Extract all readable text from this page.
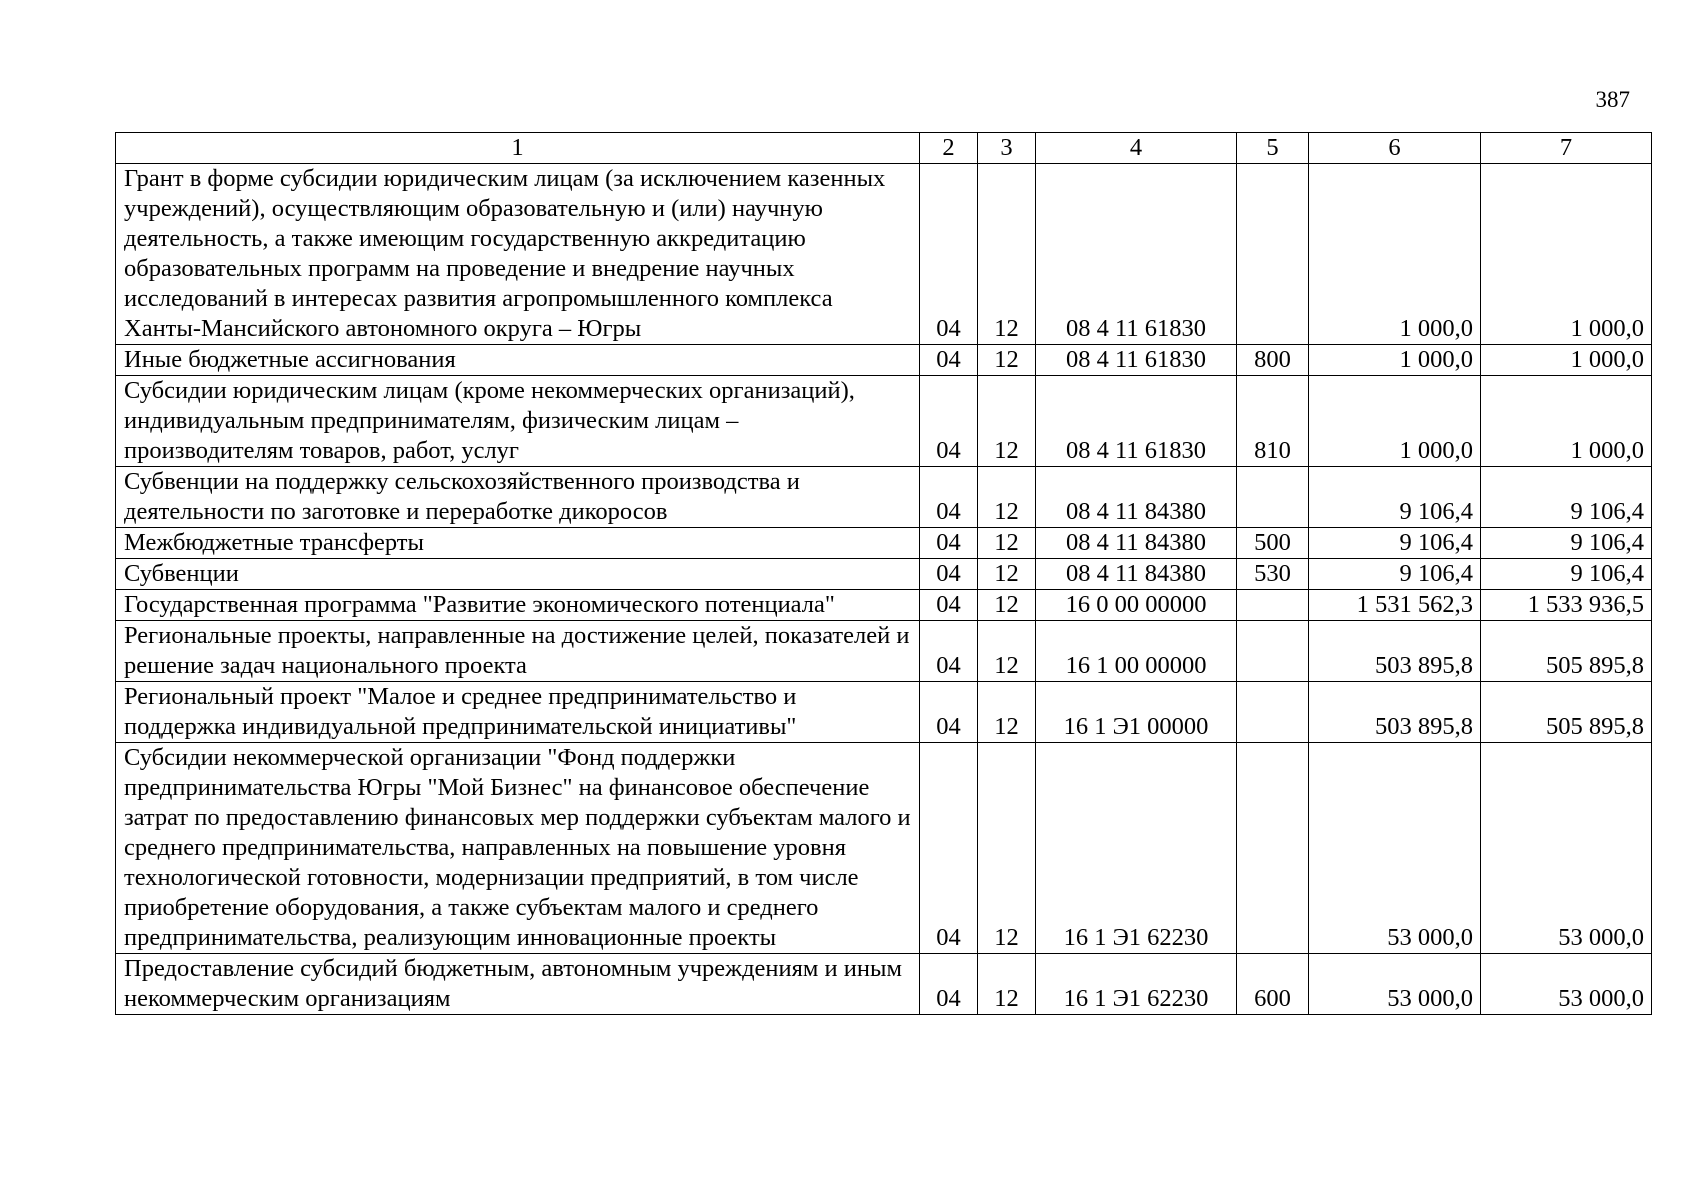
387
1	2	3	4	5	6	7
Грант в форме субсидии юридическим лицам (за исключением казенных учреждений), осуществляющим образовательную и (или) научную деятельность, а также имеющим государственную аккредитацию образовательных программ на проведение и внедрение научных исследований в интересах развития агропромышленного комплекса Ханты-Мансийского автономного округа – Югры	04	12	08 4 11 61830		1 000,0	1 000,0
Иные бюджетные ассигнования	04	12	08 4 11 61830	800	1 000,0	1 000,0
Субсидии юридическим лицам (кроме некоммерческих организаций), индивидуальным предпринимателям, физическим лицам – производителям товаров, работ, услуг	04	12	08 4 11 61830	810	1 000,0	1 000,0
Субвенции на поддержку сельскохозяйственного производства и деятельности по заготовке и переработке дикоросов	04	12	08 4 11 84380		9 106,4	9 106,4
Межбюджетные трансферты	04	12	08 4 11 84380	500	9 106,4	9 106,4
Субвенции	04	12	08 4 11 84380	530	9 106,4	9 106,4
Государственная программа "Развитие экономического потенциала"	04	12	16 0 00 00000		1 531 562,3	1 533 936,5
Региональные проекты, направленные на достижение целей, показателей и решение задач национального проекта	04	12	16 1 00 00000		503 895,8	505 895,8
Региональный проект "Малое и среднее предпринимательство и поддержка индивидуальной предпринимательской инициативы"	04	12	16 1 Э1 00000		503 895,8	505 895,8
Субсидии некоммерческой организации "Фонд поддержки предпринимательства Югры "Мой Бизнес" на финансовое обеспечение затрат по предоставлению финансовых мер поддержки субъектам малого и среднего предпринимательства, направленных на повышение уровня технологической готовности, модернизации предприятий, в том числе приобретение оборудования, а также субъектам малого и среднего предпринимательства, реализующим инновационные проекты	04	12	16 1 Э1 62230		53 000,0	53 000,0
Предоставление субсидий бюджетным, автономным учреждениям и иным некоммерческим организациям	04	12	16 1 Э1 62230	600	53 000,0	53 000,0
